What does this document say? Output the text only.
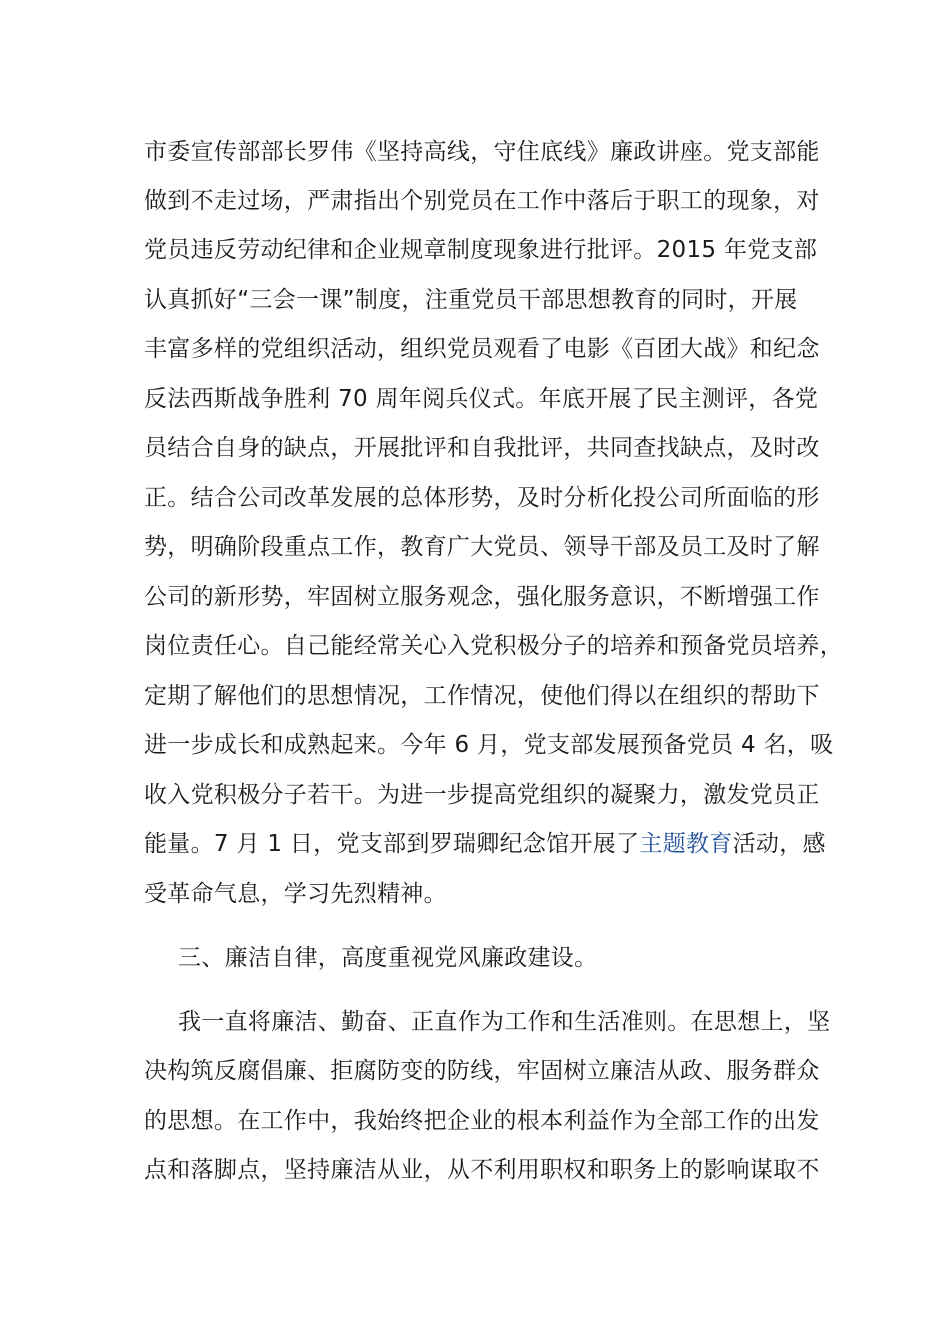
市委宣传部部长罗伟《坚持高线，守住底线》廉政讲座。党支部能
做到不走过场，严肃指出个别党员在工作中落后于职工的现象，对
党员违反劳动纪律和企业规章制度现象进行批评。2015 年党支部
认真抓好“三会一课”制度，注重党员干部思想教育的同时，开展
丰富多样的党组织活动，组织党员观看了电影《百团大战》和纪念
反法西斯战争胜利 70 周年阅兵仪式。年底开展了民主测评，各党
员结合自身的缺点，开展批评和自我批评，共同查找缺点，及时改
正。结合公司改革发展的总体形势，及时分析化投公司所面临的形
势，明确阶段重点工作，教育广大党员、领导干部及员工及时了解
公司的新形势，牢固树立服务观念，强化服务意识，不断增强工作
岗位责任心。自己能经常关心入党积极分子的培养和预备党员培养，
定期了解他们的思想情况，工作情况，使他们得以在组织的帮助下
进一步成长和成熟起来。今年 6 月，党支部发展预备党员 4 名，吸
收入党积极分子若干。为进一步提高党组织的凝聚力，激发党员正
能量。7 月 1 日，党支部到罗瑞卿纪念馆开展了主题教育活动，感
受革命气息，学习先烈精神。
三、廉洁自律，高度重视党风廉政建设。
我一直将廉洁、勤奋、正直作为工作和生活准则。在思想上，坚
决构筑反腐倡廉、拒腐防变的防线，牢固树立廉洁从政、服务群众
的思想。在工作中，我始终把企业的根本利益作为全部工作的出发
点和落脚点，坚持廉洁从业，从不利用职权和职务上的影响谋取不
